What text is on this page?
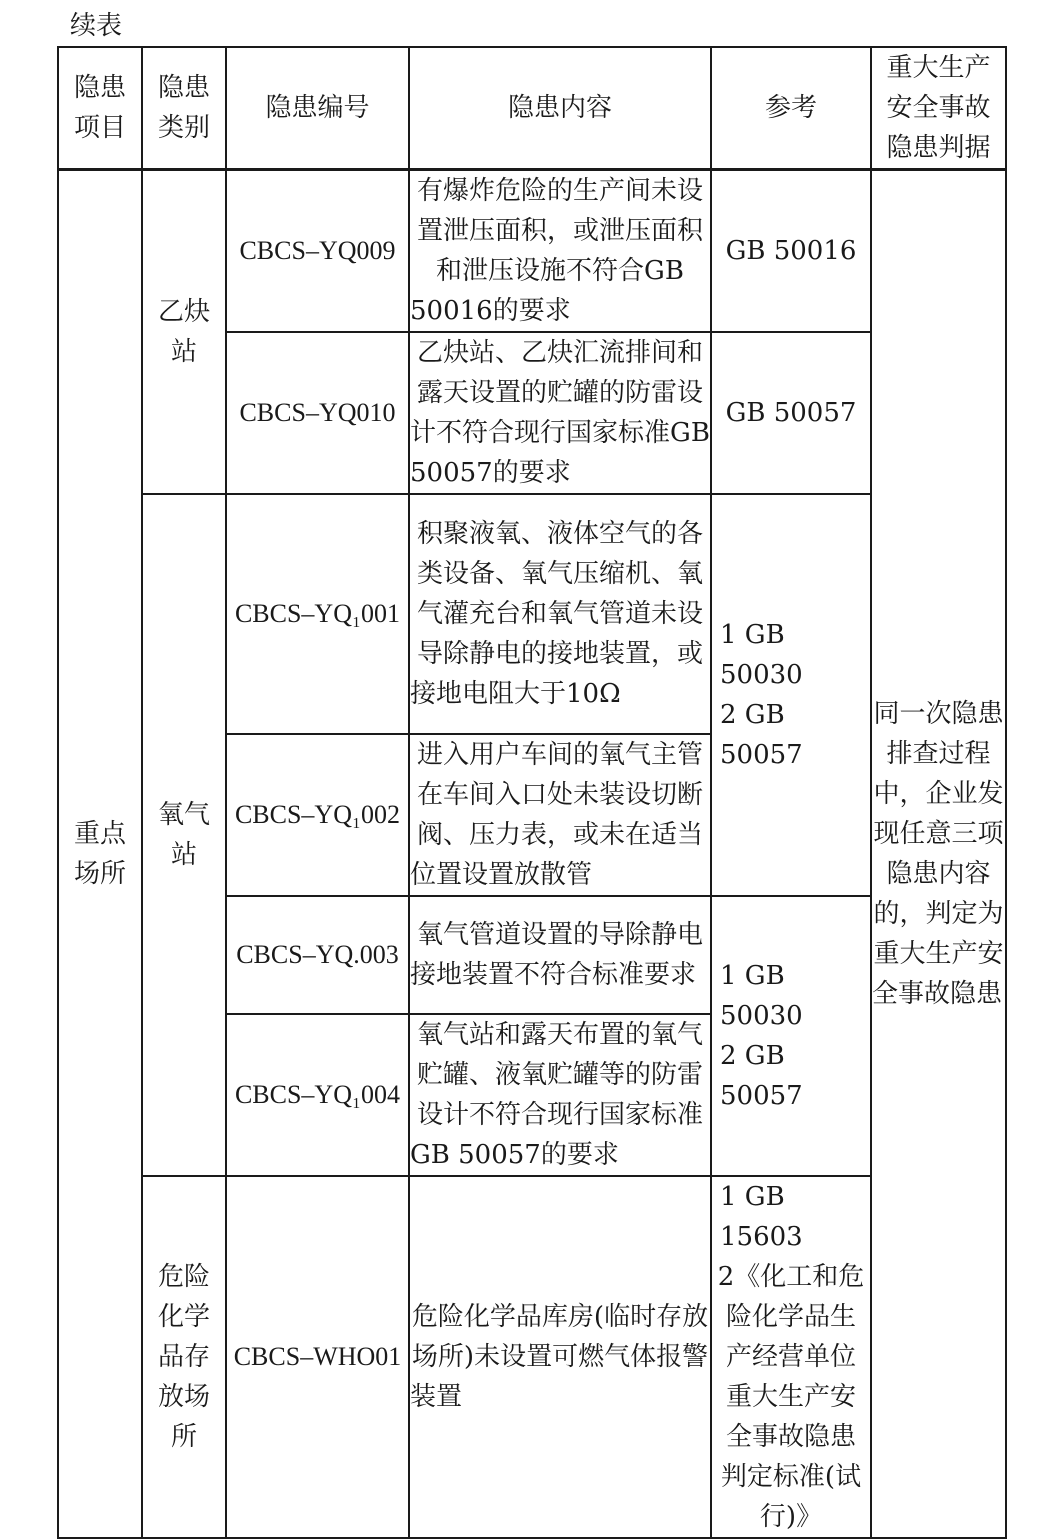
续表
隐患项目	隐患类别	隐患编号	隐患内容	参考	重大生产安全事故隐患判据

重点场所	乙炔站	CBCS–YQ009	有爆炸危险的生产间未设置泄压面积，或泄压面积和泄压设施不符合GB 50016的要求	GB 50016	同一次隐患排查过程中，企业发现任意三项隐患内容的，判定为重大生产安全事故隐患
		CBCS–YQ010	乙炔站、乙炔汇流排间和露天设置的贮罐的防雷设计不符合现行国家标准GB 50057的要求	GB 50057	

	氧气站	CBCS–YQ₁001	积聚液氧、液体空气的各类设备、氧气压缩机、氧气灌充台和氧气管道未设导除静电的接地装置，或接地电阻大于10Ω	1 GB 50030
2 GB 50057	

		CBCS–YQ₁002	进入用户车间的氧气主管在车间入口处未装设切断阀、压力表，或未在适当位置设置放散管		
		CBCS–YQ.003	氧气管道设置的导除静电接地装置不符合标准要求	1 GB 50030
2 GB 50057	

		CBCS–YQ₁004	氧气站和露天布置的氧气贮罐、液氧贮罐等的防雷设计不符合现行国家标准GB 50057的要求		

	危险化学品存放场所	CBCS–WHO01	危险化学品库房(临时存放场所)未设置可燃气体报警装置	1 GB 15603
2《化工和危险化学品生产经营单位重大生产安全事故隐患判定标准(试行)》	
